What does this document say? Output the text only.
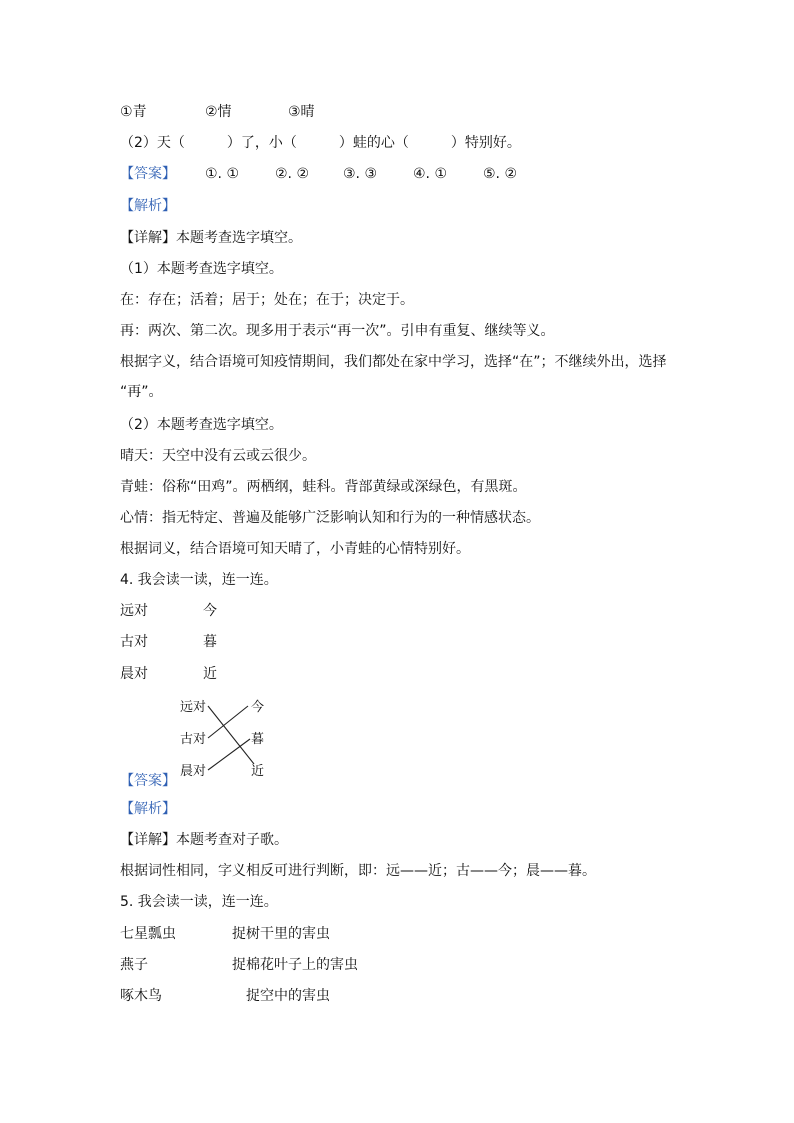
①青	②情	③晴
（2）天（　　　）了，小（　　　）蛙的心（　　　）特别好。
【答案】 ①. ①	②. ② ③. ③	④. ①	⑤. ②
【解析】
【详解】本题考查选字填空。
（1）本题考查选字填空。
在：存在；活着；居于；处在；在于；决定于。
再：两次、第二次。现多用于表示“再一次”。引申有重复、继续等义。
根据字义，结合语境可知疫情期间，我们都处在家中学习，选择“在”；不继续外出，选择
“再”。
（2）本题考查选字填空。
晴天：天空中没有云或云很少。
青蛙：俗称“田鸡”。两栖纲，蛙科。背部黄绿或深绿色，有黑斑。
心情：指无特定、普遍及能够广泛影响认知和行为的一种情感状态。
根据词义，结合语境可知天晴了，小青蛙的心情特别好。
4. 我会读一读，连一连。
远对	今
古对	暮
晨对	近
远对
古对
晨对
今
暮
近
【答案】
【解析】
【详解】本题考查对子歌。
根据词性相同，字义相反可进行判断，即：远——近；古——今；晨——暮。
5. 我会读一读，连一连。
七星瓢虫	捉树干里的害虫
燕子	捉棉花叶子上的害虫
啄木鸟	捉空中的害虫
